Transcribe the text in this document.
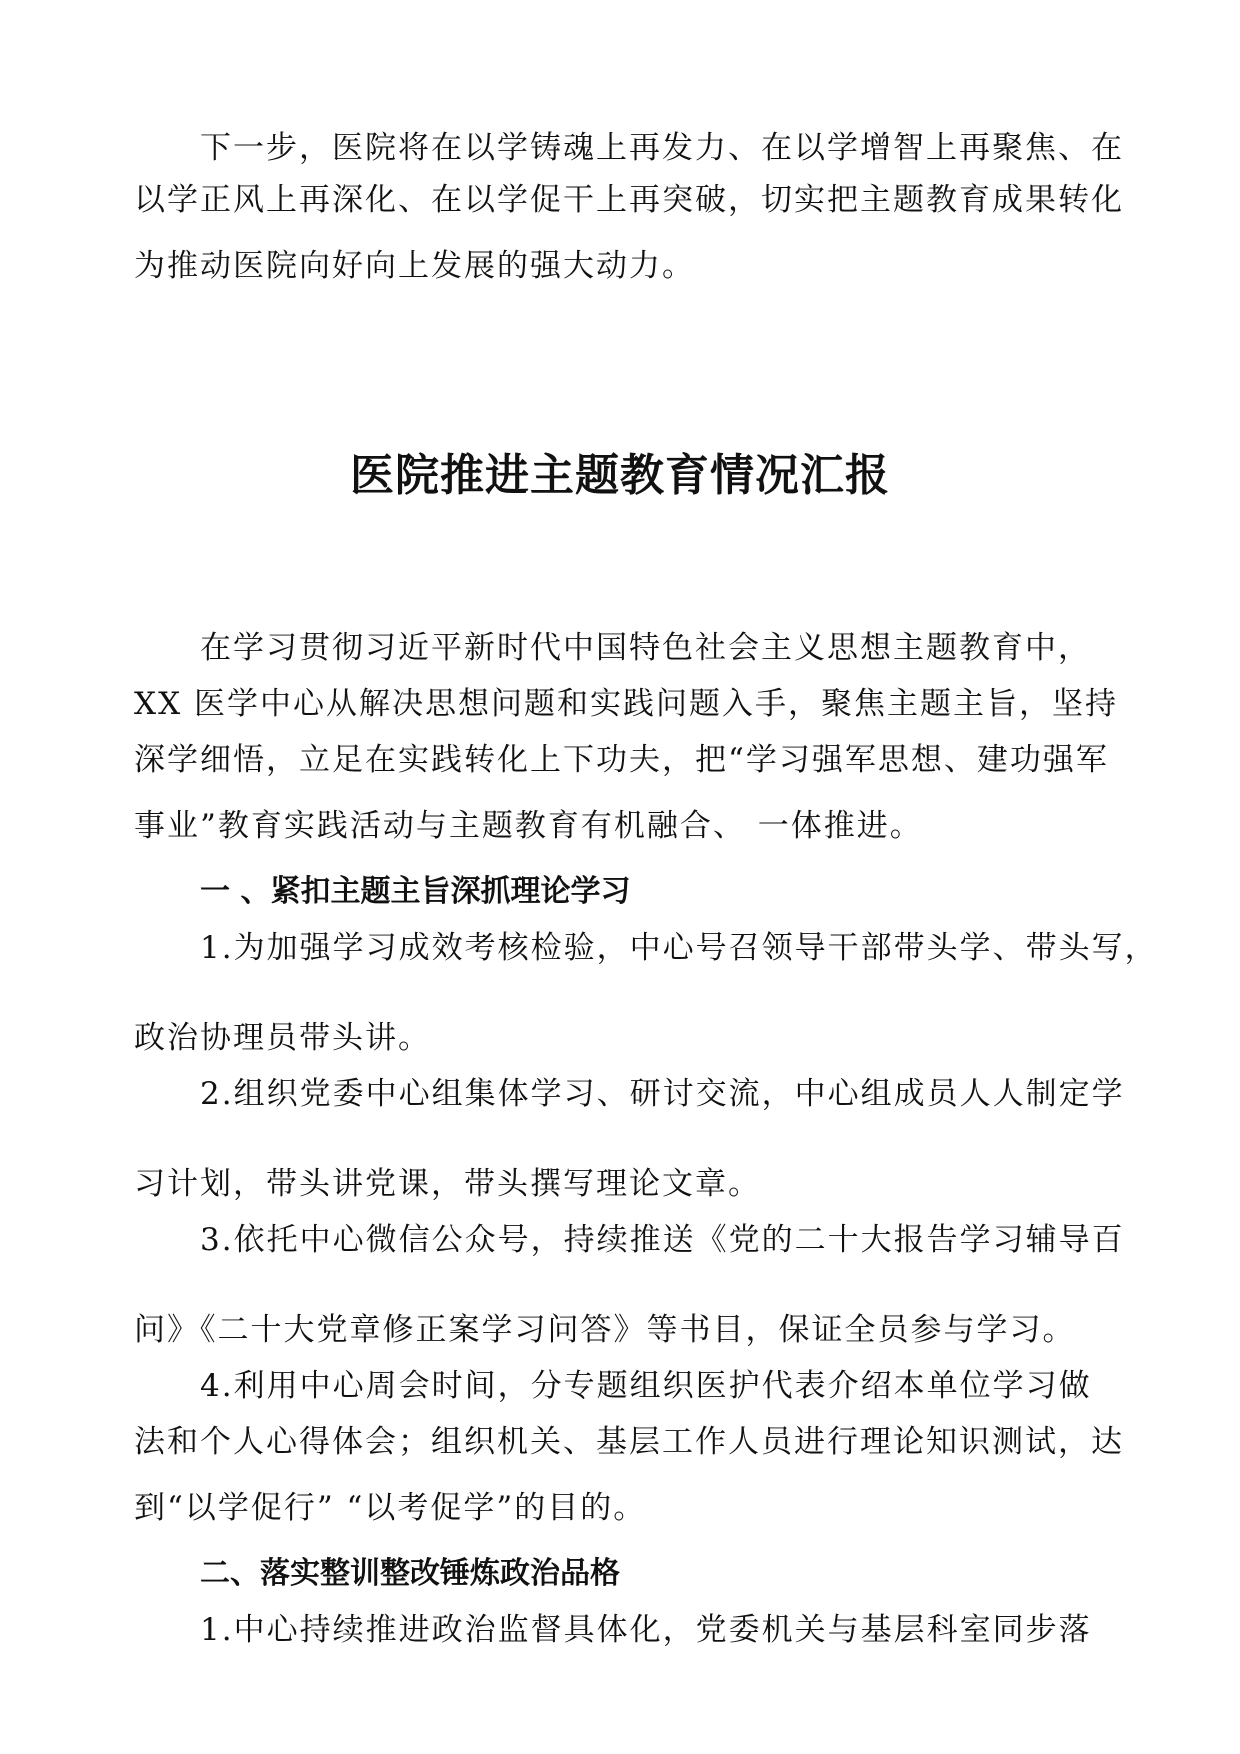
下一步，医院将在以学铸魂上再发力、在以学增智上再聚焦、在
以学正风上再深化、在以学促干上再突破，切实把主题教育成果转化
为推动医院向好向上发展的强大动力。
医院推进主题教育情况汇报
在学习贯彻习近平新时代中国特色社会主义思想主题教育中，
XX 医学中心从解决思想问题和实践问题入手，聚焦主题主旨，坚持
深学细悟，立足在实践转化上下功夫，把“学习强军思想、建功强军
事业”教育实践活动与主题教育有机融合、 一体推进。
一 、紧扣主题主旨深抓理论学习
1.为加强学习成效考核检验，中心号召领导干部带头学、带头写，
政治协理员带头讲。
2.组织党委中心组集体学习、研讨交流，中心组成员人人制定学
习计划，带头讲党课，带头撰写理论文章。
3.依托中心微信公众号，持续推送《党的二十大报告学习辅导百
问》《二十大党章修正案学习问答》等书目，保证全员参与学习。
4.利用中心周会时间，分专题组织医护代表介绍本单位学习做
法和个人心得体会；组织机关、基层工作人员进行理论知识测试，达
到“以学促行” “以考促学”的目的。
二、落实整训整改锤炼政治品格
1.中心持续推进政治监督具体化，党委机关与基层科室同步落
